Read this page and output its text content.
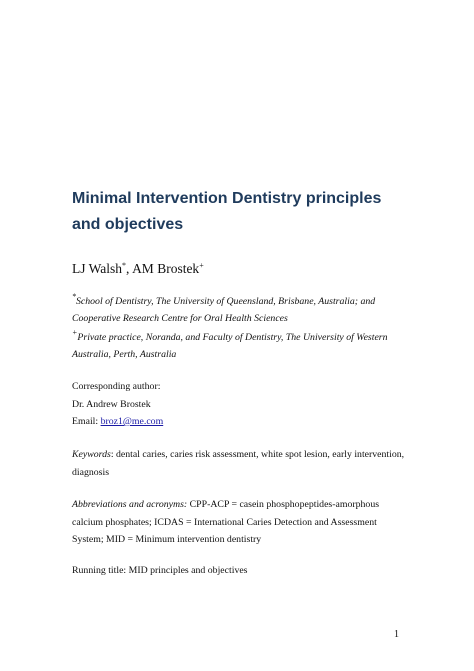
Minimal Intervention Dentistry principles
and objectives
LJ Walsh*, AM Brostek+
*School of Dentistry, The University of Queensland, Brisbane, Australia; and
Cooperative Research Centre for Oral Health Sciences
+Private practice, Noranda, and Faculty of Dentistry, The University of Western
Australia, Perth, Australia
Corresponding author:
Dr. Andrew Brostek
Email: broz1@me.com
Keywords: dental caries, caries risk assessment, white spot lesion, early intervention,
diagnosis
Abbreviations and acronyms: CPP-ACP = casein phosphopeptides-amorphous
calcium phosphates; ICDAS = International Caries Detection and Assessment
System; MID = Minimum intervention dentistry
Running title: MID principles and objectives
1
